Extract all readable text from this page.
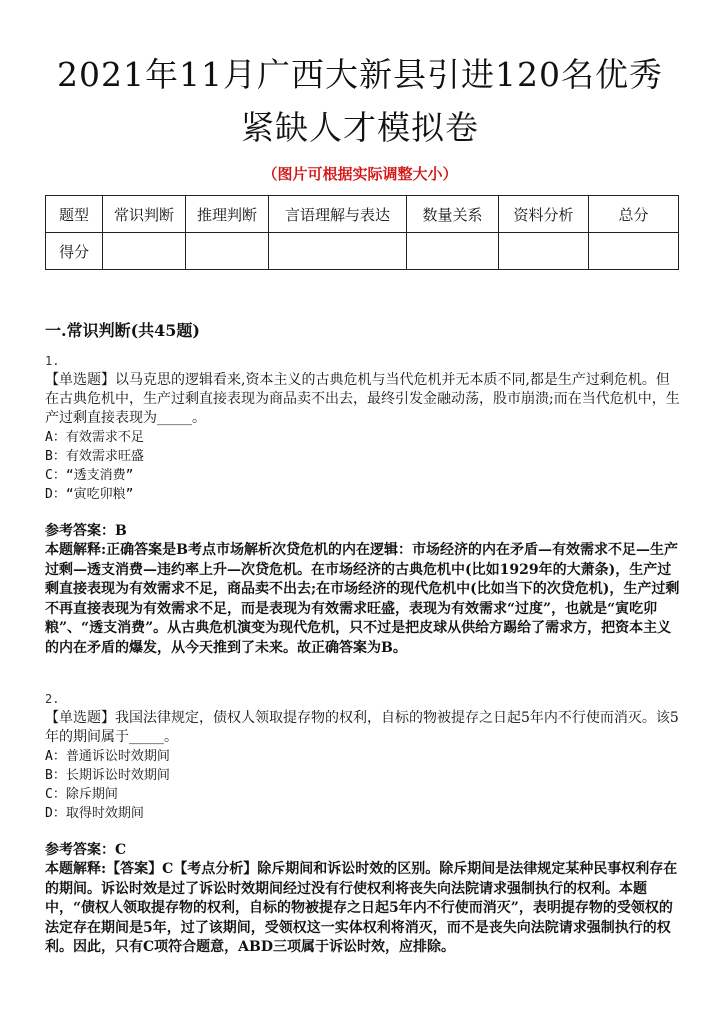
2021年11月广西大新县引进120名优秀
紧缺人才模拟卷
（图片可根据实际调整大小）
题型	常识判断	推理判断	言语理解与表达	数量关系	资料分析	总分
得分						
一.常识判断(共45题)
1.
【单选题】以马克思的逻辑看来,资本主义的古典危机与当代危机并无本质不同,都是生产过剩危机。但在古典危机中，生产过剩直接表现为商品卖不出去，最终引发金融动荡，股市崩溃;而在当代危机中，生产过剩直接表现为_____。
A：有效需求不足
B：有效需求旺盛
C：“透支消费”
D：“寅吃卯粮”
参考答案：B
本题解释:正确答案是B考点市场解析次贷危机的内在逻辑：市场经济的内在矛盾—有效需求不足—生产过剩—透支消费—违约率上升—次贷危机。在市场经济的古典危机中(比如1929年的大萧条)，生产过剩直接表现为有效需求不足，商品卖不出去;在市场经济的现代危机中(比如当下的次贷危机)，生产过剩不再直接表现为有效需求不足，而是表现为有效需求旺盛，表现为有效需求“过度”，也就是“寅吃卯粮”、“透支消费”。从古典危机演变为现代危机，只不过是把皮球从供给方踢给了需求方，把资本主义的内在矛盾的爆发，从今天推到了未来。故正确答案为B。
2.
【单选题】我国法律规定，债权人领取提存物的权利，自标的物被提存之日起5年内不行使而消灭。该5年的期间属于_____。
A：普通诉讼时效期间
B：长期诉讼时效期间
C：除斥期间
D：取得时效期间
参考答案：C
本题解释:【答案】C【考点分析】除斥期间和诉讼时效的区别。除斥期间是法律规定某种民事权利存在的期间。诉讼时效是过了诉讼时效期间经过没有行使权利将丧失向法院请求强制执行的权利。本题中，“债权人领取提存物的权利，自标的物被提存之日起5年内不行使而消灭”，表明提存物的受领权的法定存在期间是5年，过了该期间，受领权这一实体权利将消灭，而不是丧失向法院请求强制执行的权利。因此，只有C项符合题意，ABD三项属于诉讼时效，应排除。
